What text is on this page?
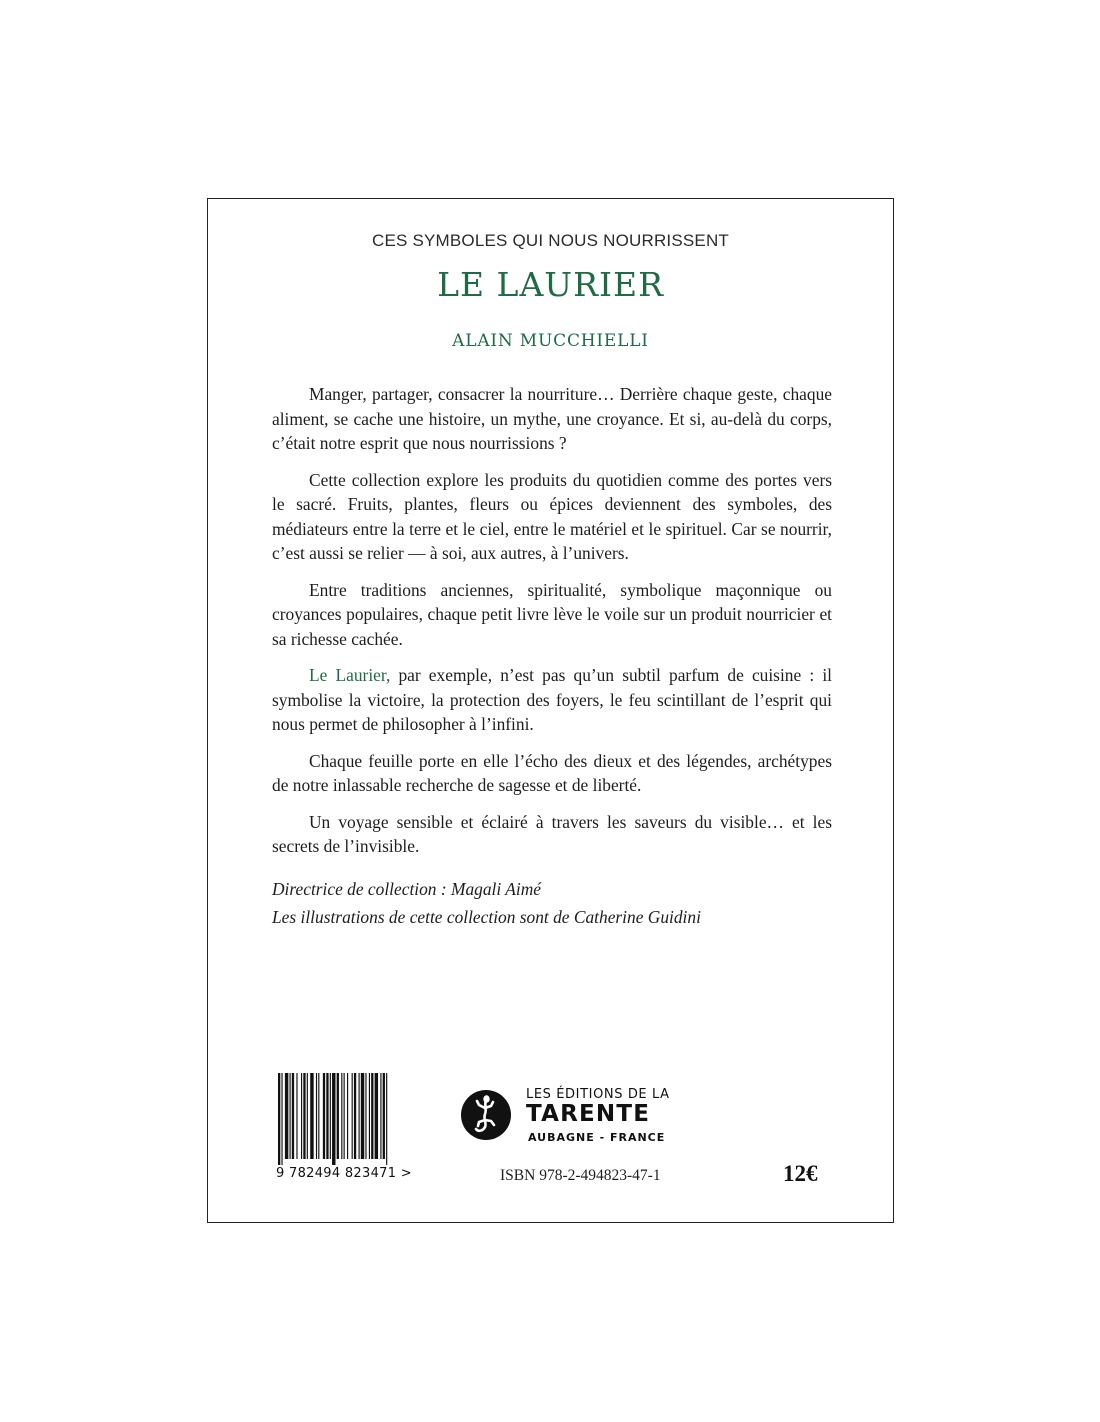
CES SYMBOLES QUI NOUS NOURRISSENT
LE LAURIER
ALAIN MUCCHIELLI

Manger, partager, consacrer la nourriture… Derrière chaque geste, chaque aliment, se cache une histoire, un mythe, une croyance. Et si, au-delà du corps, c’était notre esprit que nous nourrissions ?

Cette collection explore les produits du quotidien comme des portes vers le sacré. Fruits, plantes, fleurs ou épices deviennent des symboles, des médiateurs entre la terre et le ciel, entre le matériel et le spirituel. Car se nourrir, c’est aussi se relier — à soi, aux autres, à l’univers.

Entre traditions anciennes, spiritualité, symbolique maçonnique ou croyances populaires, chaque petit livre lève le voile sur un produit nourricier et sa richesse cachée.

Le Laurier, par exemple, n’est pas qu’un subtil parfum de cuisine : il symbolise la victoire, la protection des foyers, le feu scintillant de l’esprit qui nous permet de philosopher à l’infini.

Chaque feuille porte en elle l’écho des dieux et des légendes, archétypes de notre inlassable recherche de sagesse et de liberté.

Un voyage sensible et éclairé à travers les saveurs du visible… et les secrets de l’invisible.

Directrice de collection : Magali Aimé
Les illustrations de cette collection sont de Catherine Guidini
9 782494 823471 >
LES ÉDITIONS DE LA
TARENTE
AUBAGNE - FRANCE
ISBN 978-2-494823-47-1	12€
